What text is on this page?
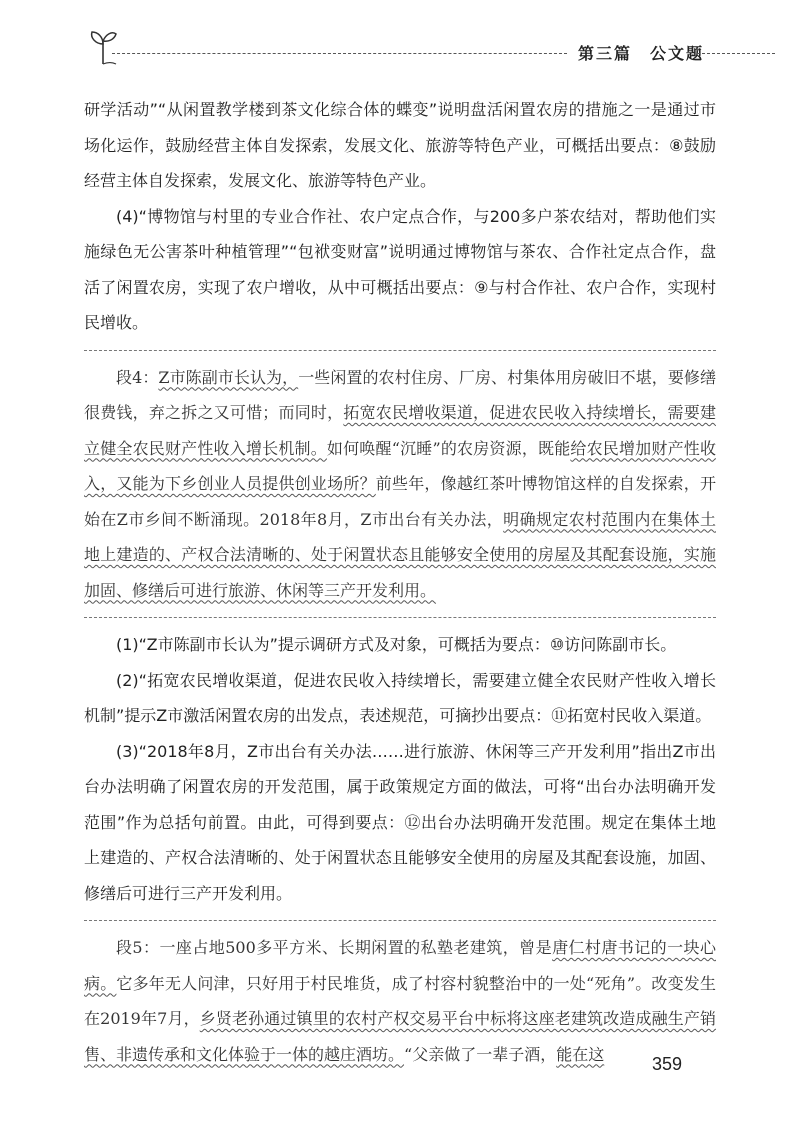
第三篇　公文题

研学活动”“从闲置教学楼到茶文化综合体的蝶变”说明盘活闲置农房的措施之一是通过市场化运作，鼓励经营主体自发探索，发展文化、旅游等特色产业，可概括出要点：⑧鼓励经营主体自发探索，发展文化、旅游等特色产业。

(4)“博物馆与村里的专业合作社、农户定点合作，与200多户茶农结对，帮助他们实施绿色无公害茶叶种植管理”“包袱变财富”说明通过博物馆与茶农、合作社定点合作，盘活了闲置农房，实现了农户增收，从中可概括出要点：⑨与村合作社、农户合作，实现村民增收。

段4：Z市陈副市长认为，一些闲置的农村住房、厂房、村集体用房破旧不堪，要修缮很费钱，弃之拆之又可惜；而同时，拓宽农民增收渠道，促进农民收入持续增长，需要建立健全农民财产性收入增长机制。如何唤醒“沉睡”的农房资源，既能给农民增加财产性收入，又能为下乡创业人员提供创业场所？前些年，像越红茶叶博物馆这样的自发探索，开始在Z市乡间不断涌现。2018年8月，Z市出台有关办法，明确规定农村范围内在集体土地上建造的、产权合法清晰的、处于闲置状态且能够安全使用的房屋及其配套设施，实施加固、修缮后可进行旅游、休闲等三产开发利用。

(1)“Z市陈副市长认为”提示调研方式及对象，可概括为要点：⑩访问陈副市长。

(2)“拓宽农民增收渠道，促进农民收入持续增长，需要建立健全农民财产性收入增长机制”提示Z市激活闲置农房的出发点，表述规范，可摘抄出要点：⑪拓宽村民收入渠道。

(3)“2018年8月，Z市出台有关办法……进行旅游、休闲等三产开发利用”指出Z市出台办法明确了闲置农房的开发范围，属于政策规定方面的做法，可将“出台办法明确开发范围”作为总括句前置。由此，可得到要点：⑫出台办法明确开发范围。规定在集体土地上建造的、产权合法清晰的、处于闲置状态且能够安全使用的房屋及其配套设施，加固、修缮后可进行三产开发利用。

段5：一座占地500多平方米、长期闲置的私塾老建筑，曾是唐仁村唐书记的一块心病。它多年无人问津，只好用于村民堆货，成了村容村貌整治中的一处“死角”。改变发生在2019年7月，乡贤老孙通过镇里的农村产权交易平台中标将这座老建筑改造成融生产销售、非遗传承和文化体验于一体的越庄酒坊。“父亲做了一辈子酒，能在这	359
